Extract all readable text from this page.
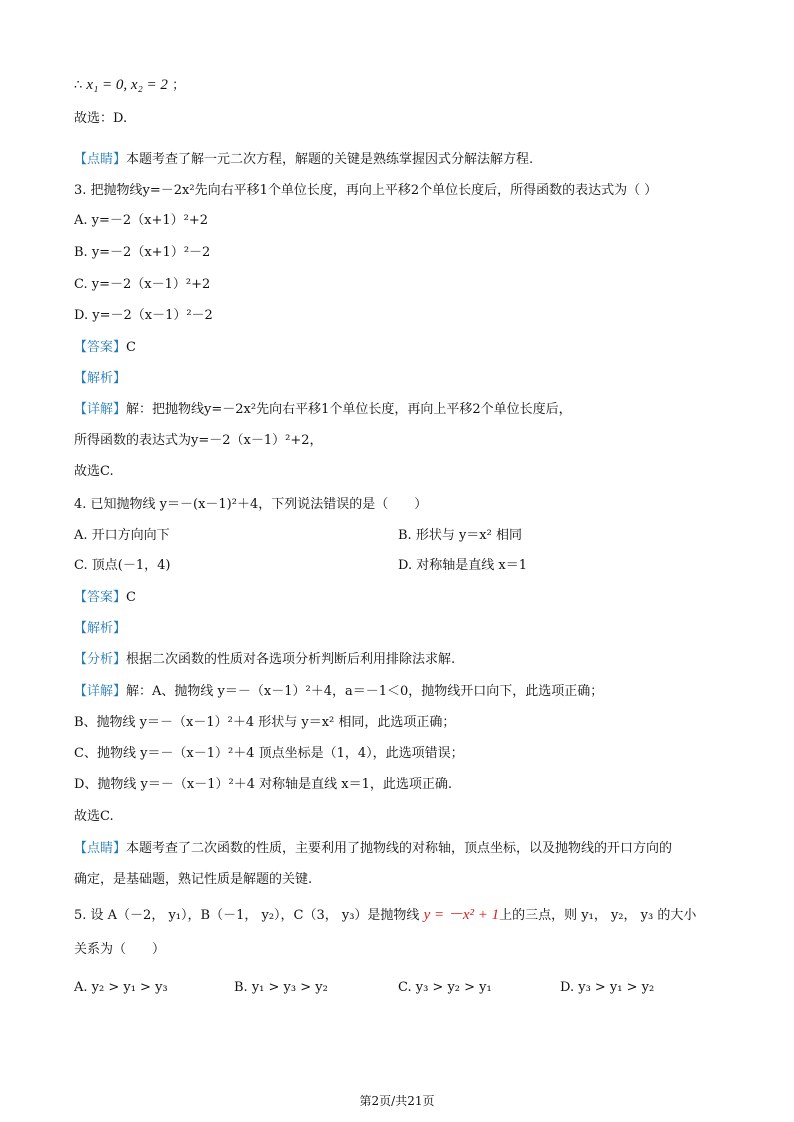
∴ x₁ = 0, x₂ = 2 ；
故选：D.
【点睛】本题考查了解一元二次方程，解题的关键是熟练掌握因式分解法解方程.
3. 把抛物线y=－2x²先向右平移1个单位长度，再向上平移2个单位长度后，所得函数的表达式为（ ）
A. y=－2（x+1）²+2
B. y=－2（x+1）²－2
C. y=－2（x－1）²+2
D. y=－2（x－1）²－2
【答案】C
【解析】
【详解】解：把抛物线y=－2x²先向右平移1个单位长度，再向上平移2个单位长度后，
所得函数的表达式为y=－2（x－1）²+2，
故选C.
4. 已知抛物线 y＝－(x－1)²＋4，下列说法错误的是（　　）
A. 开口方向向下	B. 形状与 y＝x² 相同
C. 顶点(－1，4)	D. 对称轴是直线 x＝1
【答案】C
【解析】
【分析】根据二次函数的性质对各选项分析判断后利用排除法求解.
【详解】解：A、抛物线 y＝－（x－1）²＋4，a＝－1＜0，抛物线开口向下，此选项正确；
B、抛物线 y＝－（x－1）²＋4 形状与 y＝x² 相同，此选项正确；
C、抛物线 y＝－（x－1）²＋4 顶点坐标是（1，4），此选项错误；
D、抛物线 y＝－（x－1）²＋4 对称轴是直线 x＝1，此选项正确.
故选C.
【点睛】本题考查了二次函数的性质，主要利用了抛物线的对称轴，顶点坐标，以及抛物线的开口方向的
确定，是基础题，熟记性质是解题的关键.
5. 设 A（－2， y₁），B（－1， y₂），C（3， y₃）是抛物线 y = －x² + 1上的三点，则 y₁， y₂， y₃ 的大小
关系为（　　）
A. y₂ > y₁ > y₃	B. y₁ > y₃ > y₂	C. y₃ > y₂ > y₁	D. y₃ > y₁ > y₂
第2页/共21页
